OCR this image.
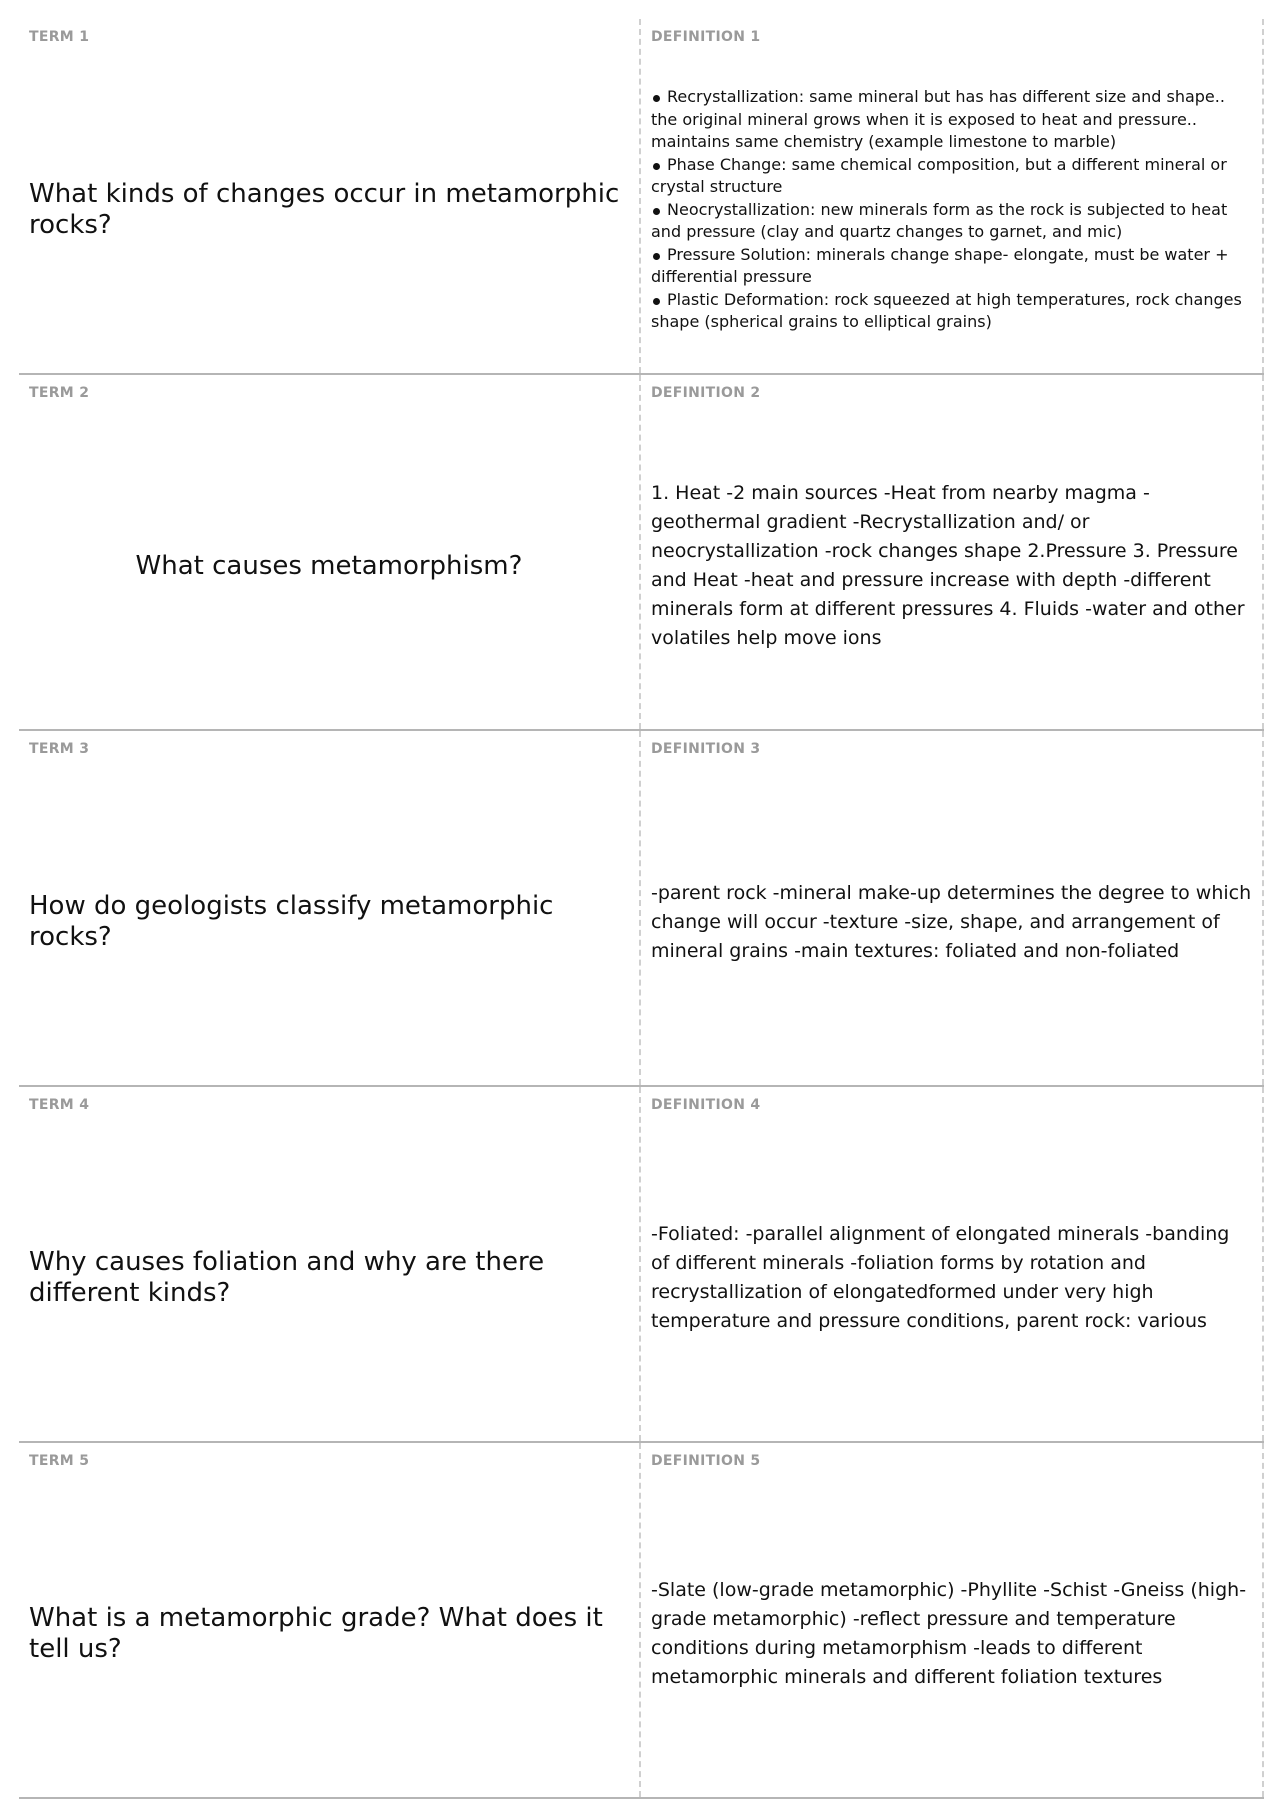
TERM 1
What kinds of changes occur in metamorphic rocks?
DEFINITION 1
Recrystallization: same mineral but has has different size and shape.. the original mineral grows when it is exposed to heat and pressure.. maintains same chemistry (example limestone to marble)
Phase Change: same chemical composition, but a different mineral or crystal structure
Neocrystallization: new minerals form as the rock is subjected to heat and pressure (clay and quartz changes to garnet, and mic)
Pressure Solution: minerals change shape- elongate, must be water + differential pressure
Plastic Deformation: rock squeezed at high temperatures, rock changes shape (spherical grains to elliptical grains)
TERM 2
What causes metamorphism?
DEFINITION 2
1. Heat -2 main sources -Heat from nearby magma -geothermal gradient -Recrystallization and/ or neocrystallization -rock changes shape 2.Pressure 3. Pressure and Heat -heat and pressure increase with depth -different minerals form at different pressures 4. Fluids -water and other volatiles help move ions
TERM 3
How do geologists classify metamorphic rocks?
DEFINITION 3
-parent rock -mineral make-up determines the degree to which change will occur -texture -size, shape, and arrangement of mineral grains -main textures: foliated and non-foliated
TERM 4
Why causes foliation and why are there different kinds?
DEFINITION 4
-Foliated: -parallel alignment of elongated minerals -banding of different minerals -foliation forms by rotation and recrystallization of elongatedformed under very high temperature and pressure conditions, parent rock: various
TERM 5
What is a metamorphic grade? What does it tell us?
DEFINITION 5
-Slate (low-grade metamorphic) -Phyllite -Schist -Gneiss (high-grade metamorphic) -reflect pressure and temperature conditions during metamorphism -leads to different metamorphic minerals and different foliation textures
